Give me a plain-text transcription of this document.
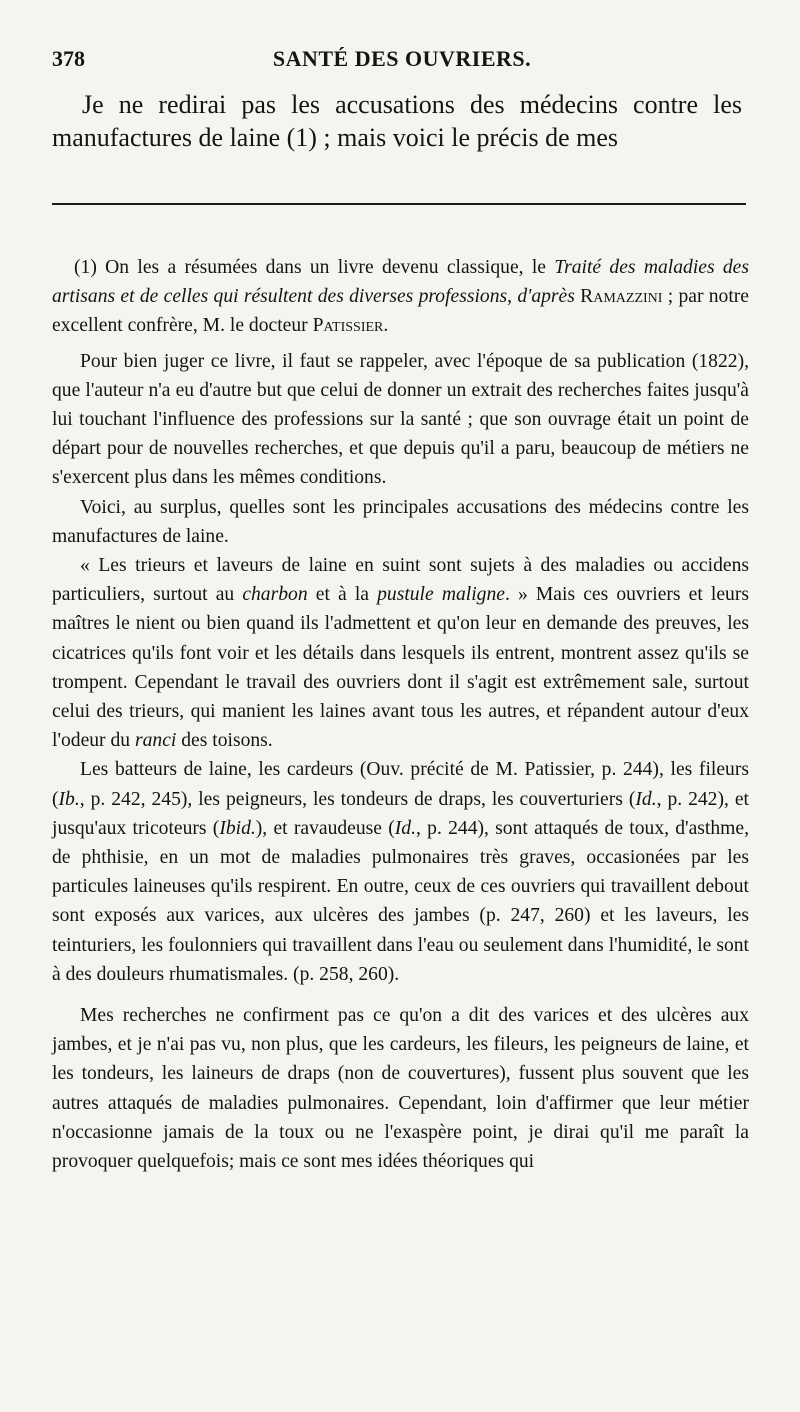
378	SANTÉ DES OUVRIERS.

Je ne redirai pas les accusations des médecins contre les manufactures de laine (1) ; mais voici le précis de mes

(1) On les a résumées dans un livre devenu classique, le Traité des maladies des artisans et de celles qui résultent des diverses professions, d'après Ramazzini ; par notre excellent confrère, M. le docteur Patissier.

Pour bien juger ce livre, il faut se rappeler, avec l'époque de sa publication (1822), que l'auteur n'a eu d'autre but que celui de donner un extrait des recherches faites jusqu'à lui touchant l'influence des professions sur la santé ; que son ouvrage était un point de départ pour de nouvelles recherches, et que depuis qu'il a paru, beaucoup de métiers ne s'exercent plus dans les mêmes conditions.

Voici, au surplus, quelles sont les principales accusations des médecins contre les manufactures de laine.

« Les trieurs et laveurs de laine en suint sont sujets à des maladies ou accidens particuliers, surtout au charbon et à la pustule maligne. » Mais ces ouvriers et leurs maîtres le nient ou bien quand ils l'admettent et qu'on leur en demande des preuves, les cicatrices qu'ils font voir et les détails dans lesquels ils entrent, montrent assez qu'ils se trompent. Cependant le travail des ouvriers dont il s'agit est extrêmement sale, surtout celui des trieurs, qui manient les laines avant tous les autres, et répandent autour d'eux l'odeur du ranci des toisons.

Les batteurs de laine, les cardeurs (Ouv. précité de M. Patissier, p. 244), les fileurs (Ib., p. 242, 245), les peigneurs, les tondeurs de draps, les couverturiers (Id., p. 242), et jusqu'aux tricoteurs (Ibid.), et ravaudeuse (Id., p. 244), sont attaqués de toux, d'asthme, de phthisie, en un mot de maladies pulmonaires très graves, occasionées par les particules laineuses qu'ils respirent. En outre, ceux de ces ouvriers qui travaillent debout sont exposés aux varices, aux ulcères des jambes (p. 247, 260) et les laveurs, les teinturiers, les foulonniers qui travaillent dans l'eau ou seulement dans l'humidité, le sont à des douleurs rhumatismales. (p. 258, 260).

Mes recherches ne confirment pas ce qu'on a dit des varices et des ulcères aux jambes, et je n'ai pas vu, non plus, que les cardeurs, les fileurs, les peigneurs de laine, et les tondeurs, les laineurs de draps (non de couvertures), fussent plus souvent que les autres attaqués de maladies pulmonaires. Cependant, loin d'affirmer que leur métier n'occasionne jamais de la toux ou ne l'exaspère point, je dirai qu'il me paraît la provoquer quelquefois; mais ce sont mes idées théoriques qui
